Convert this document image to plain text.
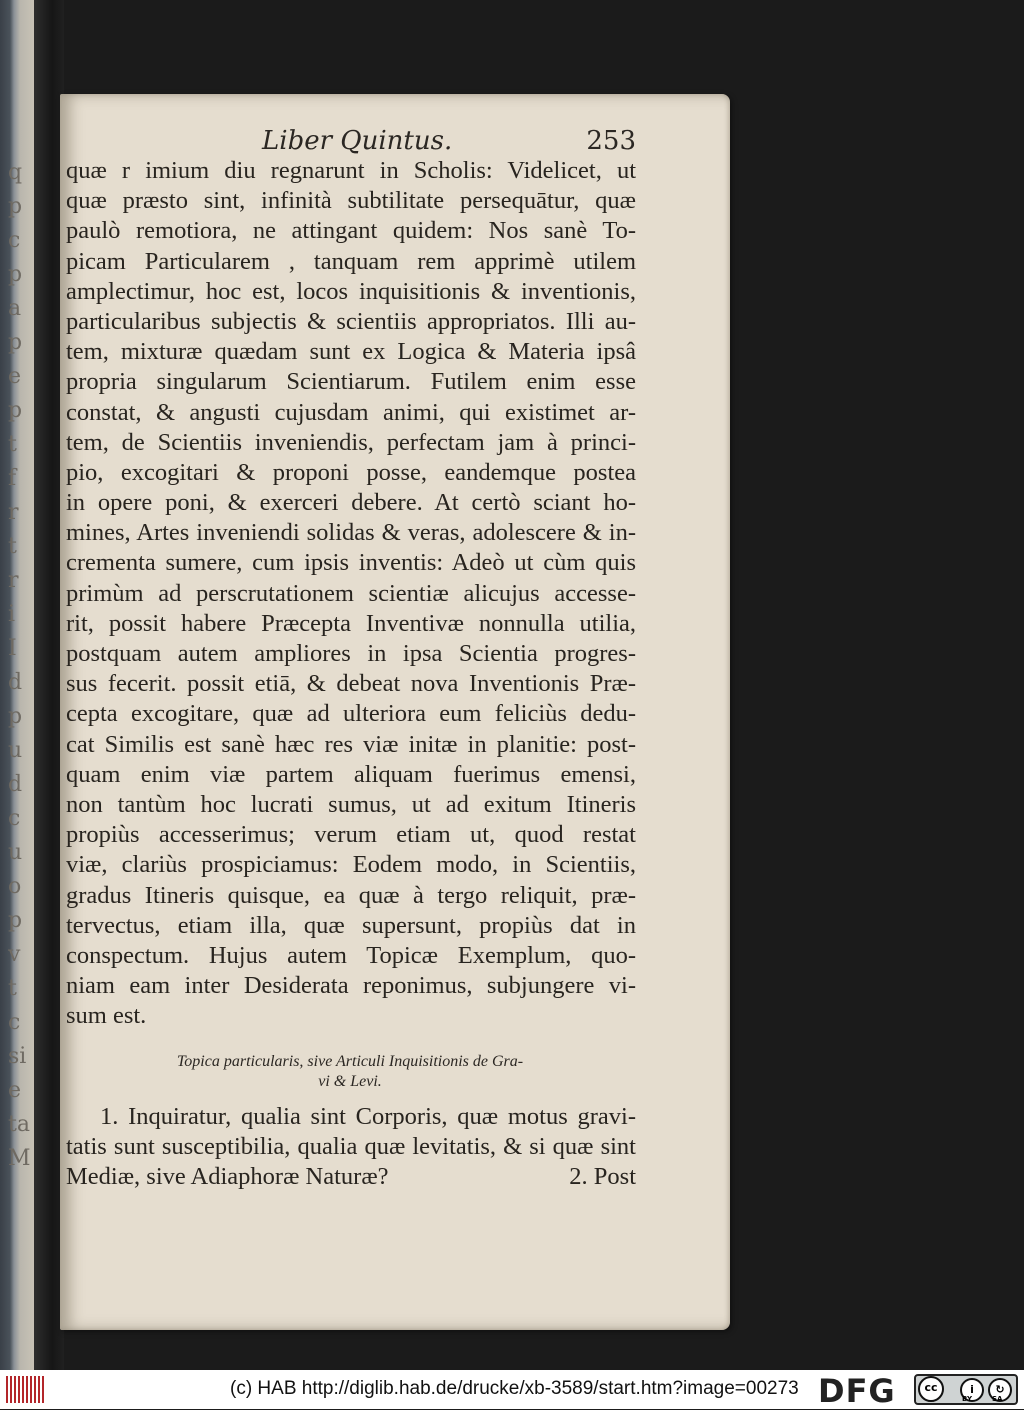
q
p
c
p
a
p
e
p
t
f
r
t
r
i
I
d
p
u
d
c
u
o
p
v
t
c
si
e
ta
M
Liber Quintus.	253
quæ r imium diu regnarunt in Scholis: Videlicet, ut
quæ præsto sint, infinità subtilitate persequātur, quæ
paulò remotiora, ne attingant quidem: Nos sanè To-
picam Particularem , tanquam rem apprimè utilem
amplectimur, hoc est, locos inquisitionis & inventionis,
particularibus subjectis & scientiis appropriatos. Illi au-
tem, mixturæ quædam sunt ex Logica & Materia ipsâ
propria singularum Scientiarum. Futilem enim esse
constat, & angusti cujusdam animi, qui existimet ar-
tem, de Scientiis inveniendis, perfectam jam à princi-
pio, excogitari & proponi posse, eandemque postea
in opere poni, & exerceri debere. At certò sciant ho-
mines, Artes inveniendi solidas & veras, adolescere & in-
crementa sumere, cum ipsis inventis: Adeò ut cùm quis
primùm ad perscrutationem scientiæ alicujus accesse-
rit, possit habere Præcepta Inventivæ nonnulla utilia,
postquam autem ampliores in ipsa Scientia progres-
sus fecerit. possit etiā, & debeat nova Inventionis Præ-
cepta excogitare, quæ ad ulteriora eum feliciùs dedu-
cat Similis est sanè hæc res viæ initæ in planitie: post-
quam enim viæ partem aliquam fuerimus emensi,
non tantùm hoc lucrati sumus, ut ad exitum Itineris
propiùs accesserimus; verum etiam ut, quod restat
viæ, clariùs prospiciamus: Eodem modo, in Scientiis,
gradus Itineris quisque, ea quæ à tergo reliquit, præ-
tervectus, etiam illa, quæ supersunt, propiùs dat in
conspectum. Hujus autem Topicæ Exemplum, quo-
niam eam inter Desiderata reponimus, subjungere vi-
sum est.
Topica particularis, sive Articuli Inquisitionis de Gra-
vi & Levi.
1. Inquiratur, qualia sint Corporis, quæ motus gravi-
tatis sunt susceptibilia, qualia quæ levitatis, & si quæ sint
Mediæ, sive Adiaphoræ Naturæ?	2. Post
(c) HAB http://diglib.hab.de/drucke/xb-3589/start.htm?image=00273 DFG	cc	i	↻
BY	SA
